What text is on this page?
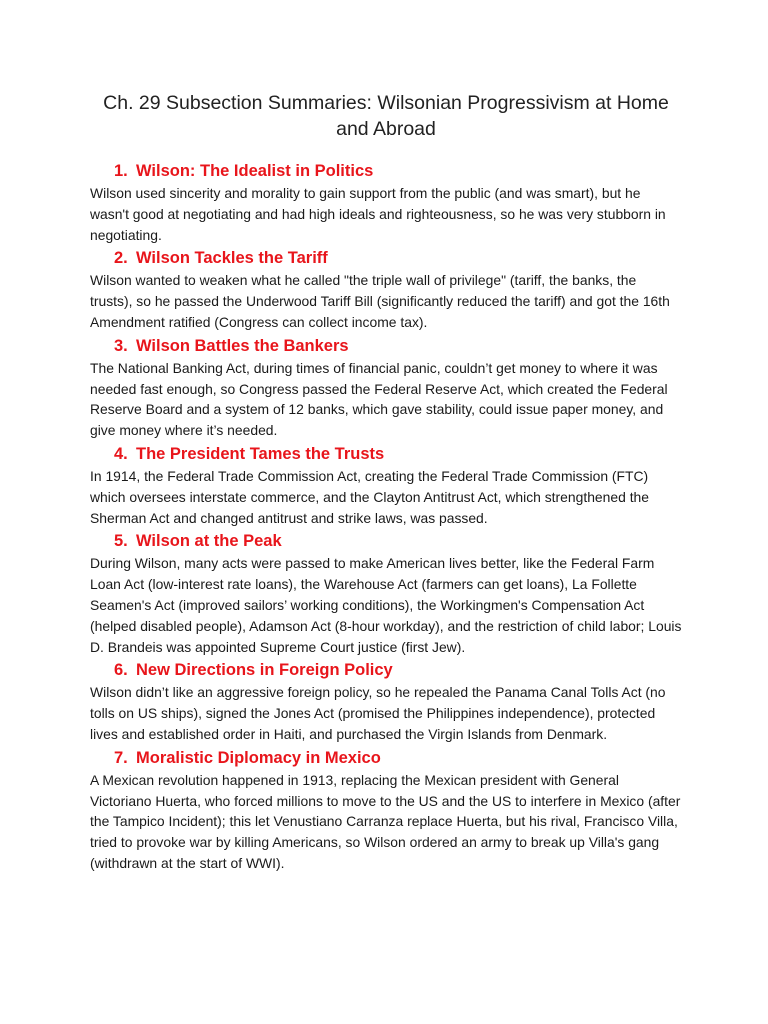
Ch. 29 Subsection Summaries: Wilsonian Progressivism at Home and Abroad
1. Wilson: The Idealist in Politics

Wilson used sincerity and morality to gain support from the public (and was smart), but he wasn't good at negotiating and had high ideals and righteousness, so he was very stubborn in negotiating.

2. Wilson Tackles the Tariff

Wilson wanted to weaken what he called "the triple wall of privilege" (tariff, the banks, the trusts), so he passed the Underwood Tariff Bill (significantly reduced the tariff) and got the 16th Amendment ratified (Congress can collect income tax).

3. Wilson Battles the Bankers

The National Banking Act, during times of financial panic, couldn’t get money to where it was needed fast enough, so Congress passed the Federal Reserve Act, which created the Federal Reserve Board and a system of 12 banks, which gave stability, could issue paper money, and give money where it’s needed.

4. The President Tames the Trusts

In 1914, the Federal Trade Commission Act, creating the Federal Trade Commission (FTC) which oversees interstate commerce, and the Clayton Antitrust Act, which strengthened the Sherman Act and changed antitrust and strike laws, was passed.

5. Wilson at the Peak

During Wilson, many acts were passed to make American lives better, like the Federal Farm Loan Act (low-interest rate loans), the Warehouse Act (farmers can get loans), La Follette Seamen's Act (improved sailors’ working conditions), the Workingmen's Compensation Act (helped disabled people), Adamson Act (8-hour workday), and the restriction of child labor; Louis D. Brandeis was appointed Supreme Court justice (first Jew).

6. New Directions in Foreign Policy

Wilson didn’t like an aggressive foreign policy, so he repealed the Panama Canal Tolls Act (no tolls on US ships), signed the Jones Act (promised the Philippines independence), protected lives and established order in Haiti, and purchased the Virgin Islands from Denmark.

7. Moralistic Diplomacy in Mexico

A Mexican revolution happened in 1913, replacing the Mexican president with General Victoriano Huerta, who forced millions to move to the US and the US to interfere in Mexico (after the Tampico Incident); this let Venustiano Carranza replace Huerta, but his rival, Francisco Villa, tried to provoke war by killing Americans, so Wilson ordered an army to break up Villa's gang (withdrawn at the start of WWI).
